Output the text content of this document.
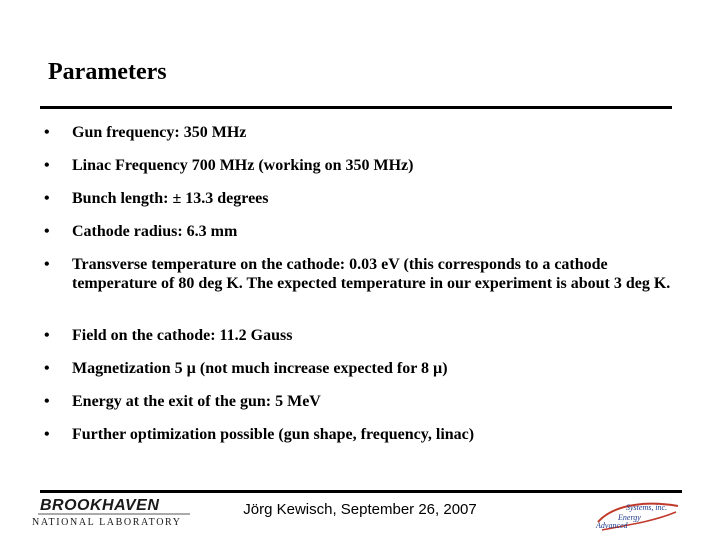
Parameters
• Gun frequency: 350 MHz
• Linac Frequency 700 MHz (working on 350 MHz)
• Bunch length: ± 13.3 degrees
• Cathode radius: 6.3 mm
• Transverse temperature on the cathode: 0.03 eV (this corresponds to a cathode temperature of 80 deg K. The expected temperature in our experiment is about 3 deg K.
• Field on the cathode: 11.2 Gauss
• Magnetization 5 µ (not much increase expected for 8 µ)
• Energy at the exit of the gun: 5 MeV
• Further optimization possible (gun shape, frequency, linac)
BROOKHAVEN
NATIONAL LABORATORY
Jörg Kewisch, September 26, 2007	Systems, inc.
Energy
Advanced
